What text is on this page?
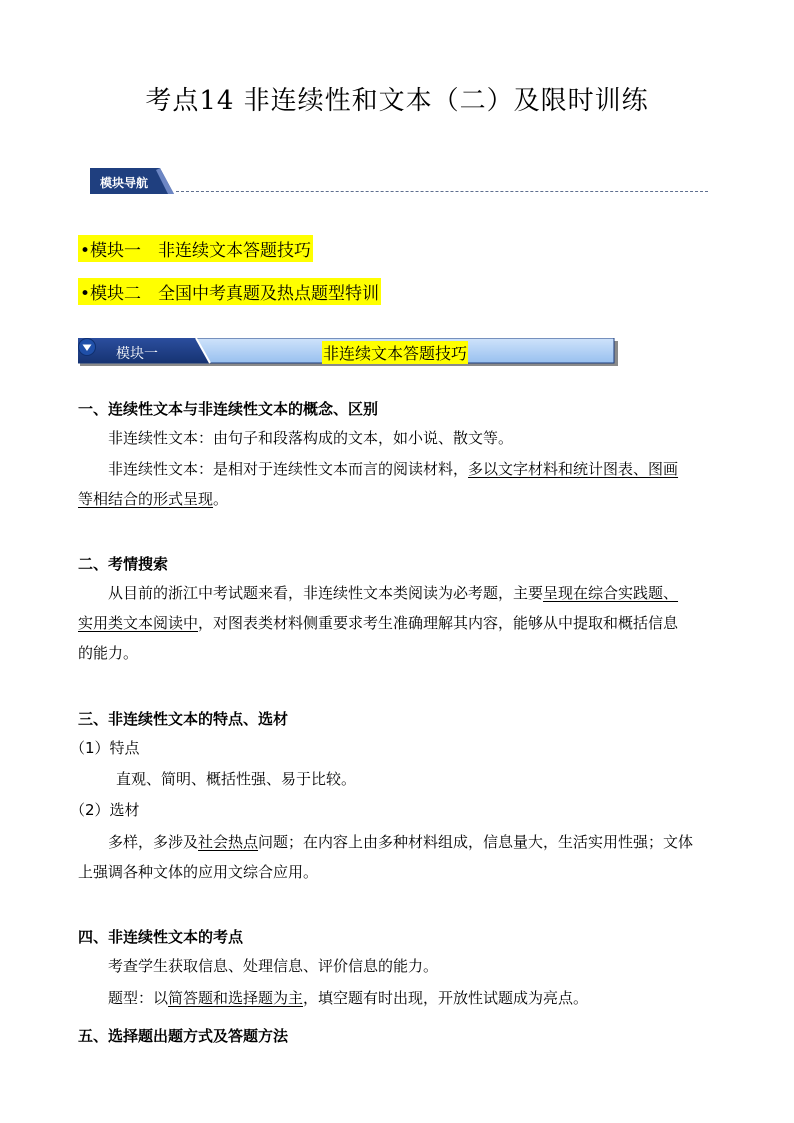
考点14 非连续性和文本（二）及限时训练
模块导航
•模块一　非连续文本答题技巧
•模块二　全国中考真题及热点题型特训
模块一	非连续文本答题技巧
一、连续性文本与非连续性文本的概念、区别
非连续性文本：由句子和段落构成的文本，如小说、散文等。
非连续性文本：是相对于连续性文本而言的阅读材料，多以文字材料和统计图表、图画
等相结合的形式呈现。
二、考情搜索
从目前的浙江中考试题来看，非连续性文本类阅读为必考题，主要呈现在综合实践题、
实用类文本阅读中，对图表类材料侧重要求考生准确理解其内容，能够从中提取和概括信息
的能力。
三、非连续性文本的特点、选材
（1）特点
直观、简明、概括性强、易于比较。
（2）选材
多样，多涉及社会热点问题；在内容上由多种材料组成，信息量大，生活实用性强；文体
上强调各种文体的应用文综合应用。
四、非连续性文本的考点
考查学生获取信息、处理信息、评价信息的能力。
题型：以简答题和选择题为主，填空题有时出现，开放性试题成为亮点。
五、选择题出题方式及答题方法
